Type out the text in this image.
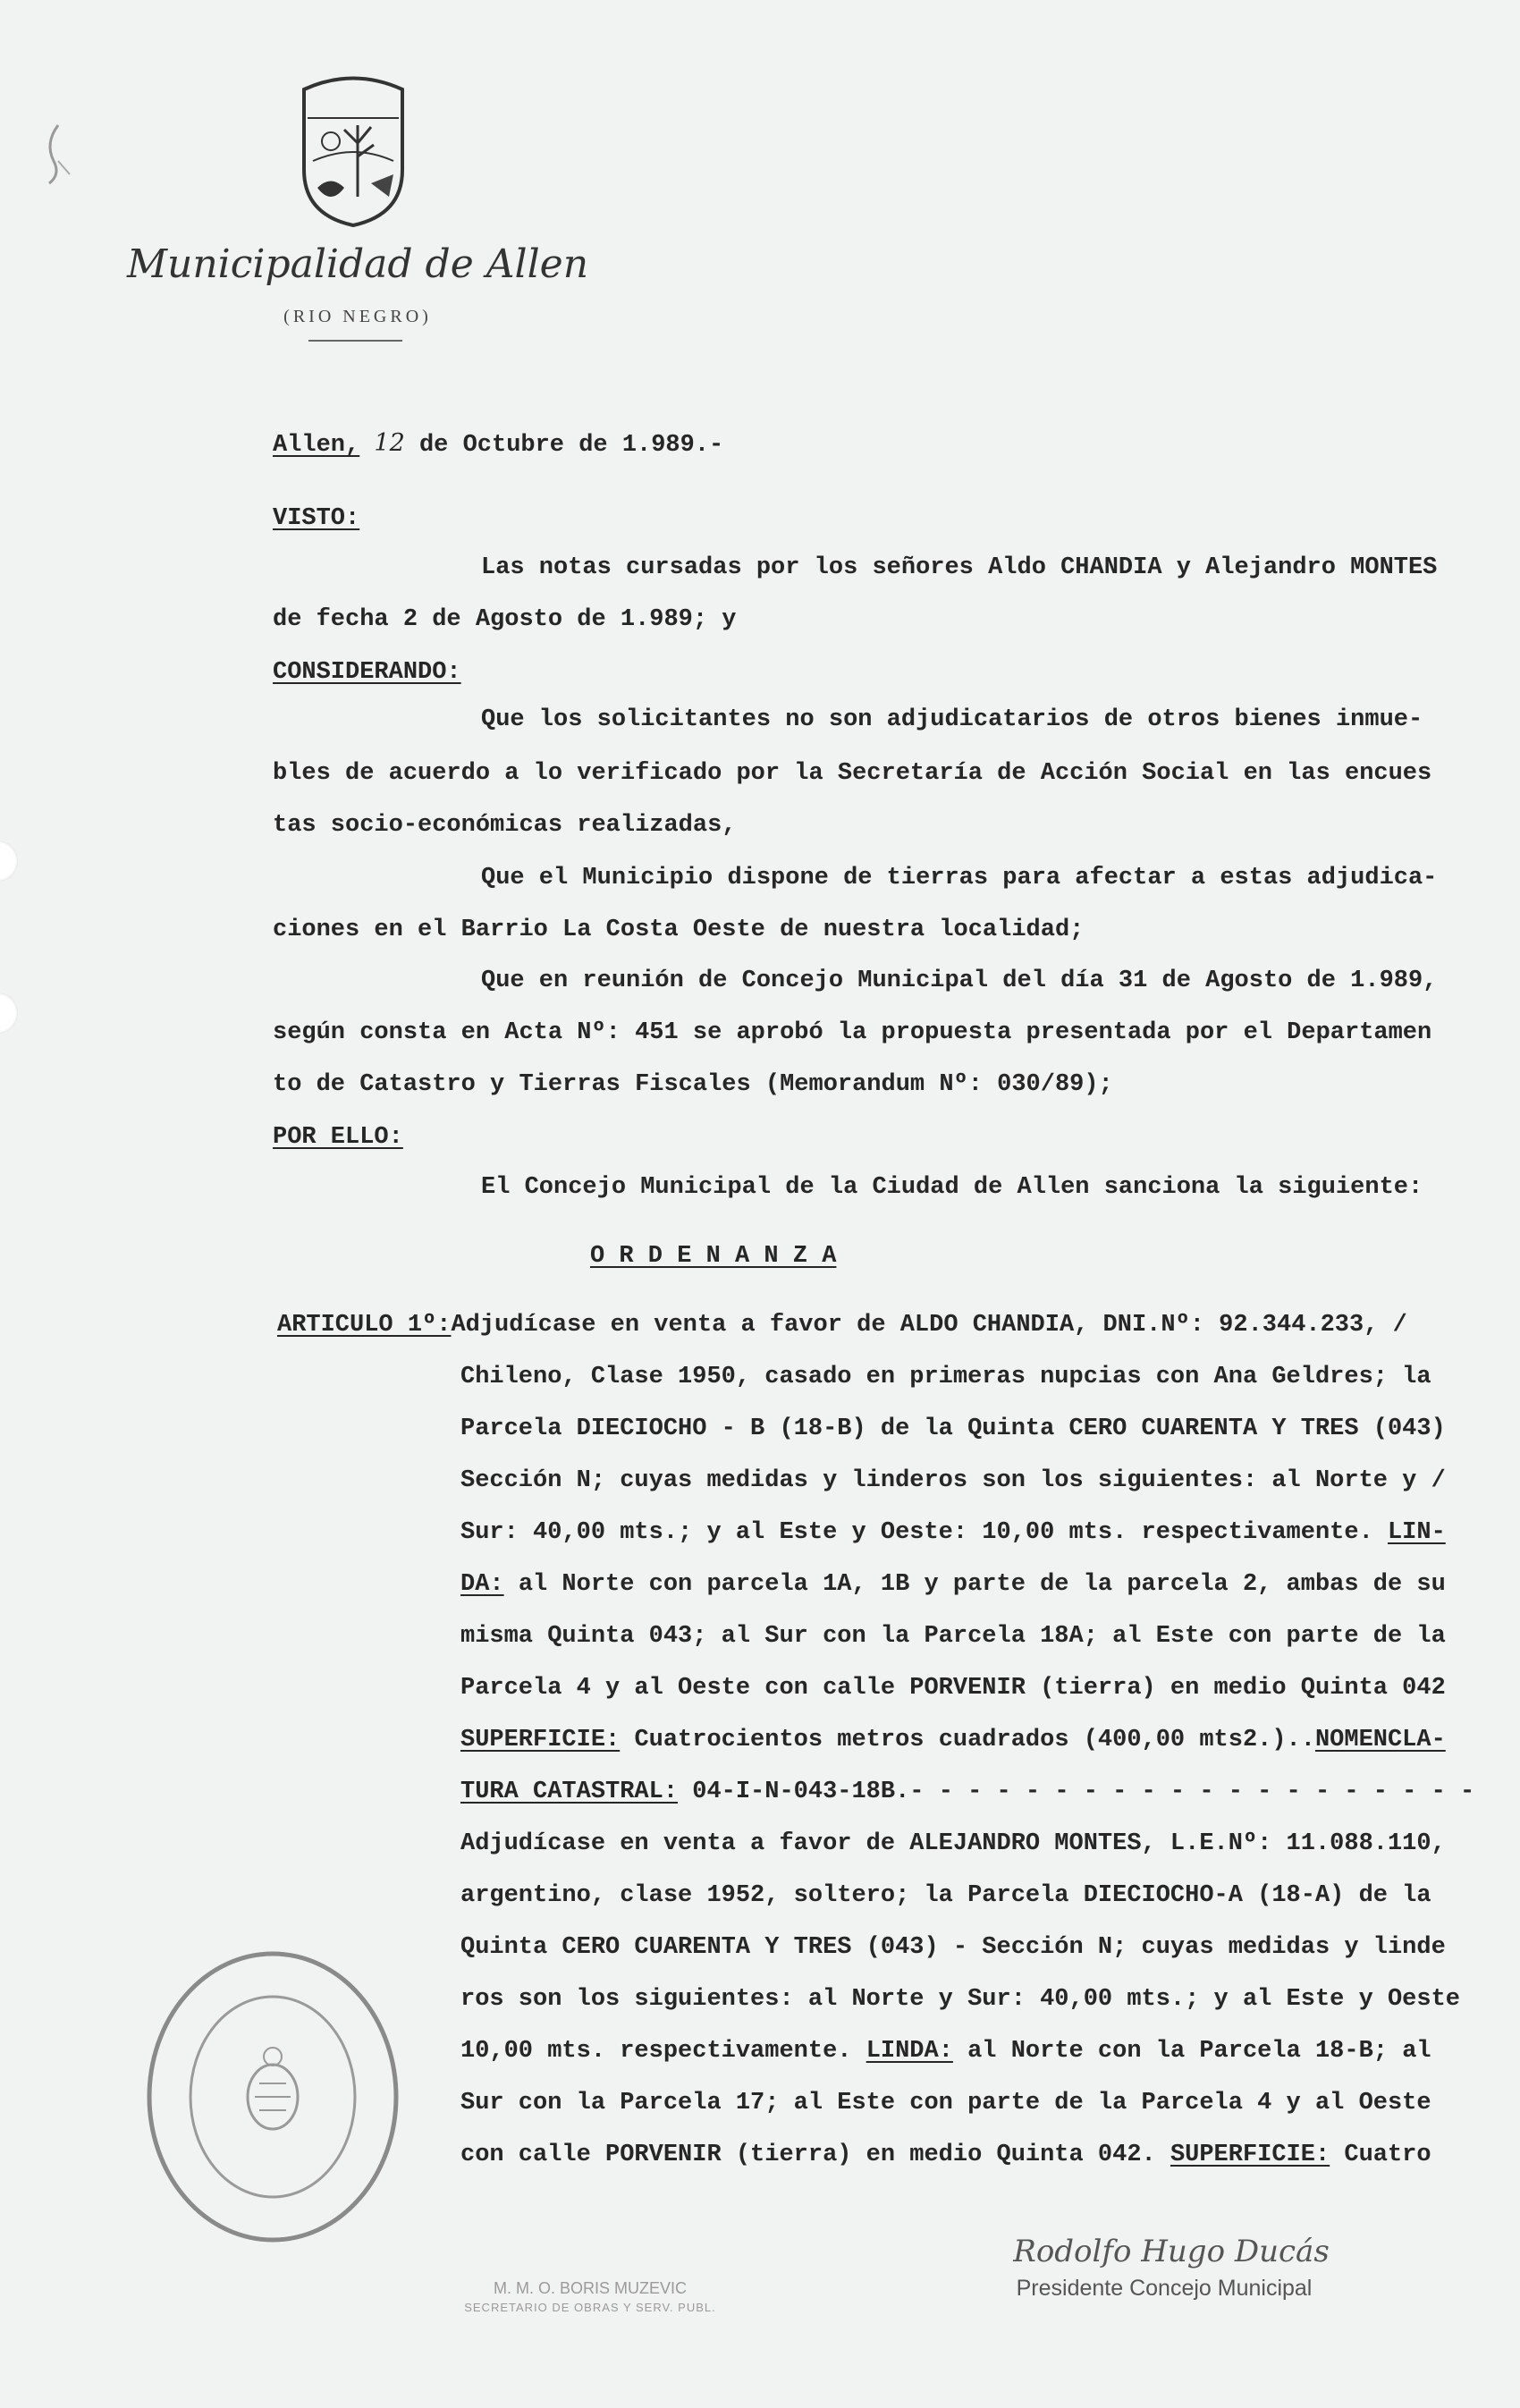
Municipalidad de Allen
(RIO NEGRO)
Allen, 12 de Octubre de 1.989.-
VISTO:
Las notas cursadas por los señores Aldo CHANDIA y Alejandro MONTES
de fecha 2 de Agosto de 1.989; y
CONSIDERANDO:
Que los solicitantes no son adjudicatarios de otros bienes inmue-
bles de acuerdo a lo verificado por la Secretaría de Acción Social en las encues
tas socio-económicas realizadas,
Que el Municipio dispone de tierras para afectar a estas adjudica-
ciones en el Barrio La Costa Oeste de nuestra localidad;
Que en reunión de Concejo Municipal del día 31 de Agosto de 1.989,
según consta en Acta Nº: 451 se aprobó la propuesta presentada por el Departamen
to de Catastro y Tierras Fiscales (Memorandum Nº: 030/89);
POR ELLO:
El Concejo Municipal de la Ciudad de Allen sanciona la siguiente:
O R D E N A N Z A
ARTICULO 1º:Adjudícase en venta a favor de ALDO CHANDIA, DNI.Nº: 92.344.233, /
Chileno, Clase 1950, casado en primeras nupcias con Ana Geldres; la
Parcela DIECIOCHO - B (18-B) de la Quinta CERO CUARENTA Y TRES (043)
Sección N; cuyas medidas y linderos son los siguientes: al Norte y /
Sur: 40,00 mts.; y al Este y Oeste: 10,00 mts. respectivamente. LIN-
DA: al Norte con parcela 1A, 1B y parte de la parcela 2, ambas de su
misma Quinta 043; al Sur con la Parcela 18A; al Este con parte de la
Parcela 4 y al Oeste con calle PORVENIR (tierra) en medio Quinta 042
SUPERFICIE: Cuatrocientos metros cuadrados (400,00 mts2.)..NOMENCLA-
TURA CATASTRAL: 04-I-N-043-18B.- - - - - - - - - - - - - - - - - - - -
Adjudícase en venta a favor de ALEJANDRO MONTES, L.E.Nº: 11.088.110,
argentino, clase 1952, soltero; la Parcela DIECIOCHO-A (18-A) de la
Quinta CERO CUARENTA Y TRES (043) - Sección N; cuyas medidas y linde
ros son los siguientes: al Norte y Sur: 40,00 mts.; y al Este y Oeste
10,00 mts. respectivamente. LINDA: al Norte con la Parcela 18-B; al
Sur con la Parcela 17; al Este con parte de la Parcela 4 y al Oeste
con calle PORVENIR (tierra) en medio Quinta 042. SUPERFICIE: Cuatro
M. M. O. BORIS MUZEVIC
SECRETARIO DE OBRAS Y SERV. PUBL.
Rodolfo Hugo Ducás
Presidente Concejo Municipal
